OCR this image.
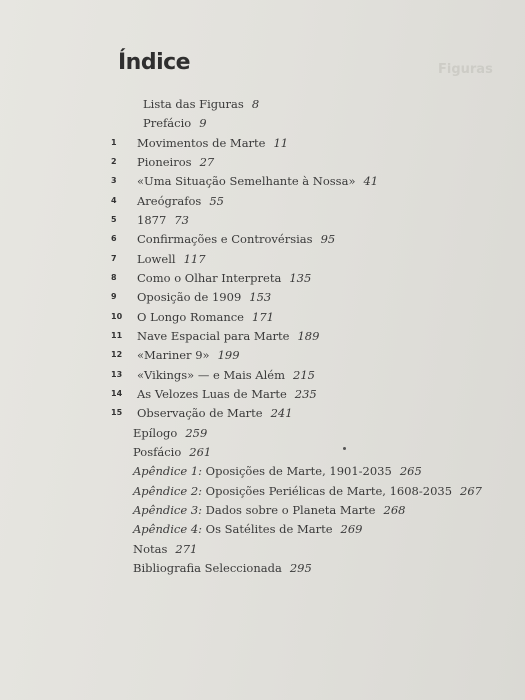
Figuras
Índice
Lista das Figuras 8
Prefácio 9
1	Movimentos de Marte 11
2	Pioneiros 27
3	«Uma Situação Semelhante à Nossa» 41
4	Areógrafos 55
5	1877 73
6	Confirmações e Controvérsias 95
7	Lowell 117
8	Como o Olhar Interpreta 135
9	Oposição de 1909 153
10	O Longo Romance 171
11	Nave Espacial para Marte 189
12	«Mariner 9» 199
13	«Vikings» — e Mais Além 215
14	As Velozes Luas de Marte 235
15	Observação de Marte 241
Epílogo 259
Posfácio 261
Apêndice 1: Oposições de Marte, 1901-2035 265
Apêndice 2: Oposições Periélicas de Marte, 1608-2035 267
Apêndice 3: Dados sobre o Planeta Marte 268
Apêndice 4: Os Satélites de Marte 269
Notas 271
Bibliografia Seleccionada 295
